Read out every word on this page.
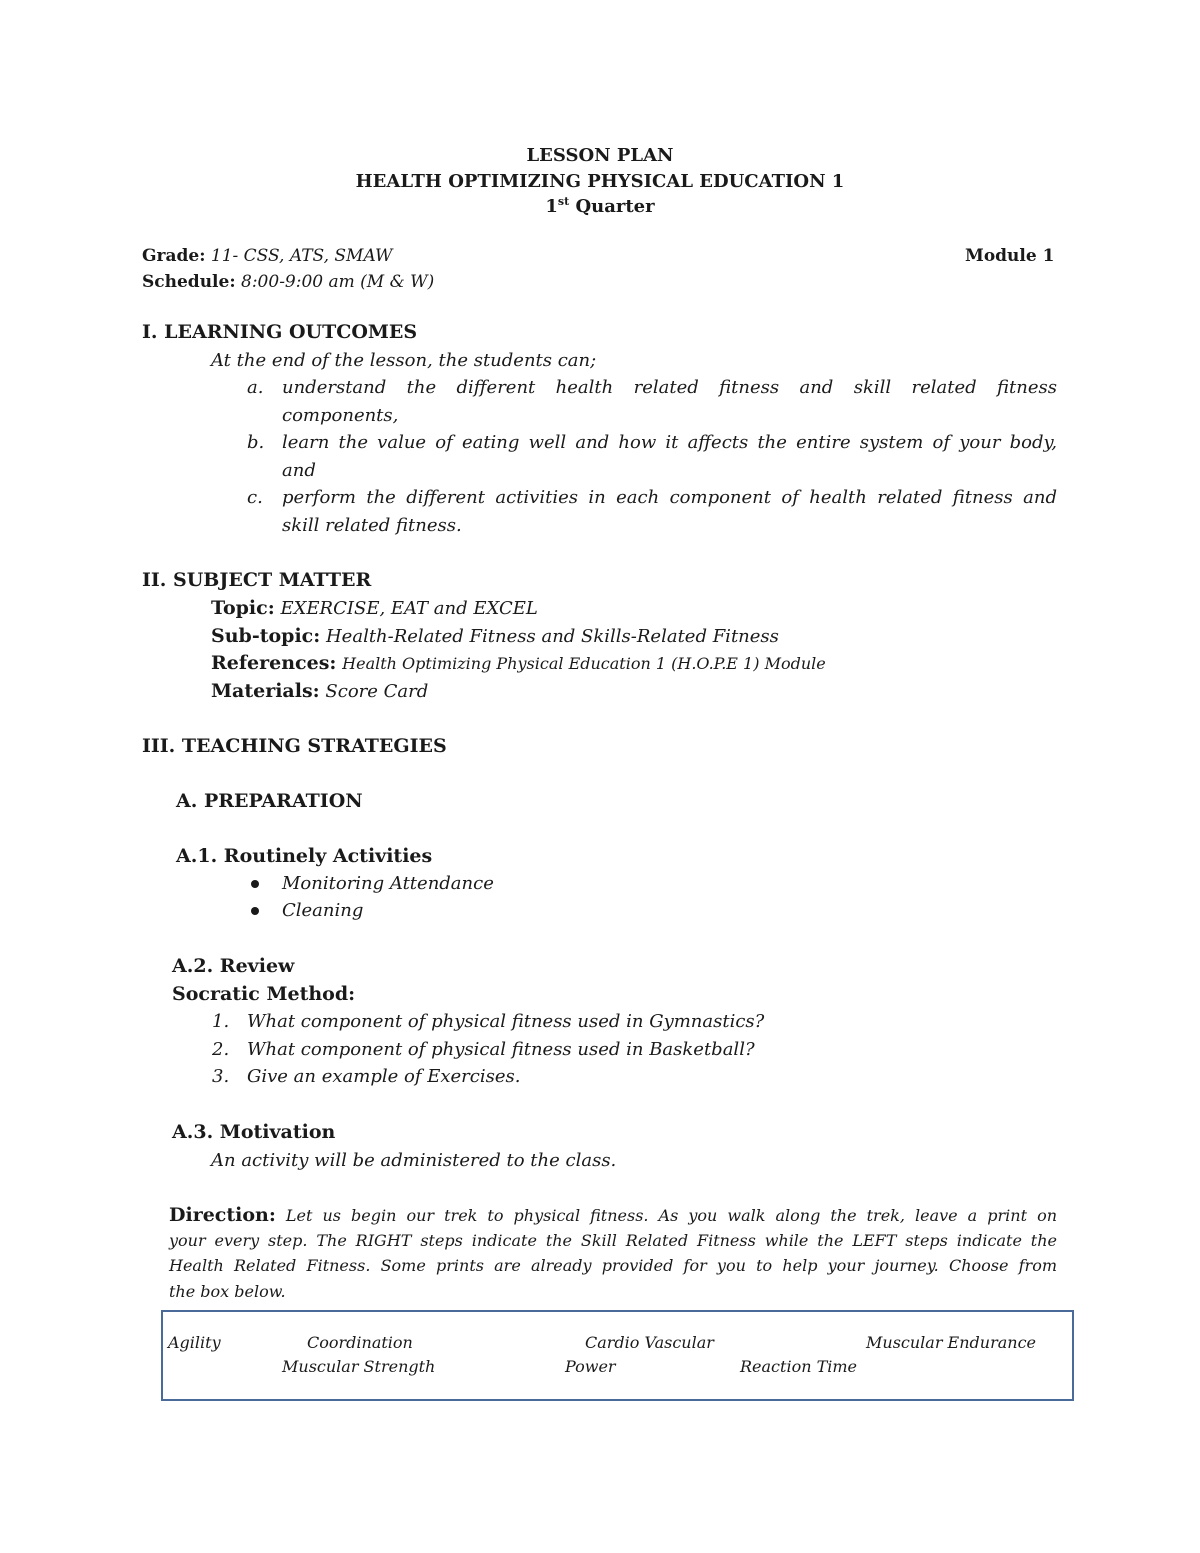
LESSON PLAN
HEALTH OPTIMIZING PHYSICAL EDUCATION 1
1st Quarter
Grade: 11- CSS, ATS, SMAW	Module 1
Schedule: 8:00-9:00 am (M & W)
I. LEARNING OUTCOMES
At the end of the lesson, the students can;
a. understand the different health related fitness and skill related fitness
components,
b. learn the value of eating well and how it affects the entire system of your body,
and
c. perform the different activities in each component of health related fitness and
skill related fitness.
II. SUBJECT MATTER
Topic: EXERCISE, EAT and EXCEL
Sub-topic: Health-Related Fitness and Skills-Related Fitness
References: Health Optimizing Physical Education 1 (H.O.P.E 1) Module
Materials: Score Card
III. TEACHING STRATEGIES
A. PREPARATION
A.1. Routinely Activities
Monitoring Attendance
Cleaning
A.2. Review
Socratic Method:
1. What component of physical fitness used in Gymnastics?
2. What component of physical fitness used in Basketball?
3. Give an example of Exercises.
A.3. Motivation
An activity will be administered to the class.
Direction: Let us begin our trek to physical fitness. As you walk along the trek, leave a print on
your every step. The RIGHT steps indicate the Skill Related Fitness while the LEFT steps indicate the
Health Related Fitness. Some prints are already provided for you to help your journey. Choose from
the box below.
Agility	Coordination	Cardio Vascular	Muscular Endurance
Muscular Strength	Power	Reaction Time
